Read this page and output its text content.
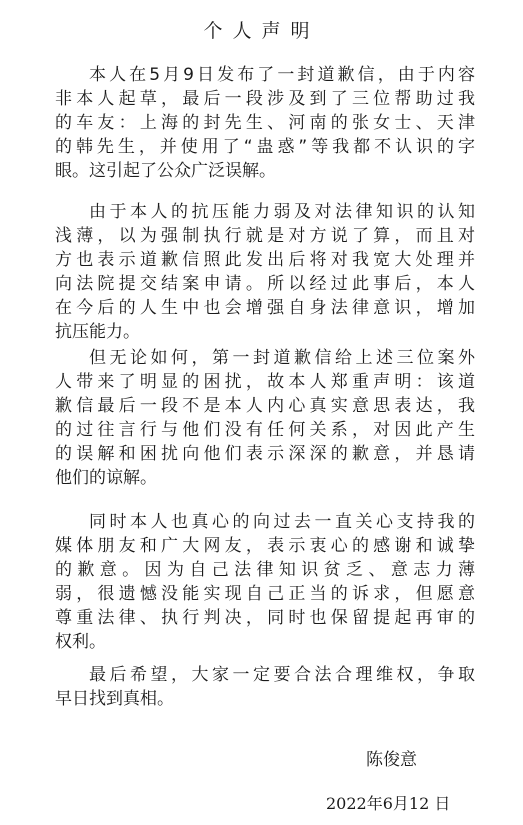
个人声明
本人在5月9日发布了一封道歉信，由于内容
非本人起草，最后一段涉及到了三位帮助过我
的车友：上海的封先生、河南的张女士、天津
的韩先生，并使用了“蛊惑”等我都不认识的字
眼。这引起了公众广泛误解。
由于本人的抗压能力弱及对法律知识的认知
浅薄，以为强制执行就是对方说了算，而且对
方也表示道歉信照此发出后将对我宽大处理并
向法院提交结案申请。所以经过此事后，本人
在今后的人生中也会增强自身法律意识，增加
抗压能力。
但无论如何，第一封道歉信给上述三位案外
人带来了明显的困扰，故本人郑重声明：该道
歉信最后一段不是本人内心真实意思表达，我
的过往言行与他们没有任何关系，对因此产生
的误解和困扰向他们表示深深的歉意，并恳请
他们的谅解。
同时本人也真心的向过去一直关心支持我的
媒体朋友和广大网友，表示衷心的感谢和诚挚
的歉意。因为自己法律知识贫乏、意志力薄
弱，很遗憾没能实现自己正当的诉求，但愿意
尊重法律、执行判决，同时也保留提起再审的
权利。
最后希望，大家一定要合法合理维权，争取
早日找到真相。
陈俊意
2022年6月12 日
